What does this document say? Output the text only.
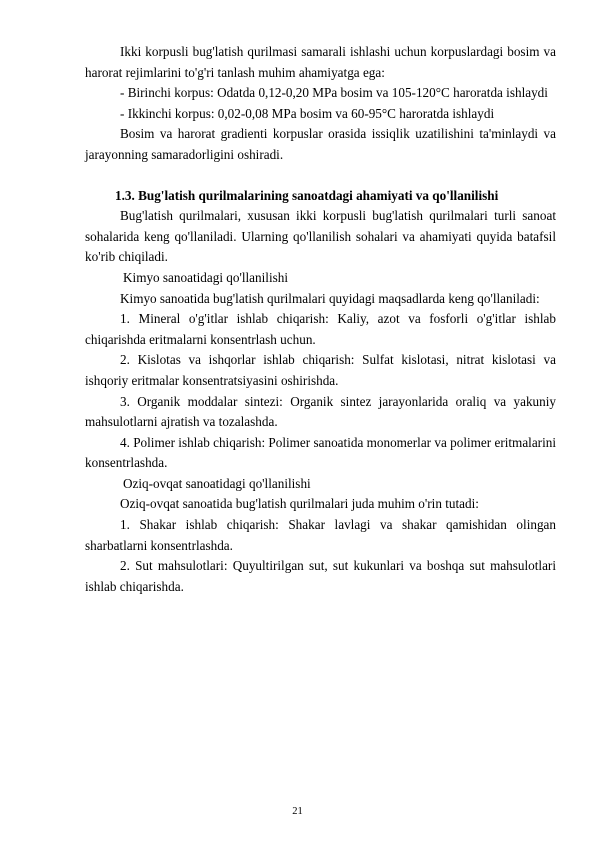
Ikki korpusli bug'latish qurilmasi samarali ishlashi uchun korpuslardagi bosim va harorat rejimlarini to'g'ri tanlash muhim ahamiyatga ega:

- Birinchi korpus: Odatda 0,12-0,20 MPa bosim va 105-120°C haroratda ishlaydi

- Ikkinchi korpus: 0,02-0,08 MPa bosim va 60-95°C haroratda ishlaydi

Bosim va harorat gradienti korpuslar orasida issiqlik uzatilishini ta'minlaydi va jarayonning samaradorligini oshiradi.

1.3. Bug'latish qurilmalarining sanoatdagi ahamiyati va qo'llanilishi

Bug'latish qurilmalari, xususan ikki korpusli bug'latish qurilmalari turli sanoat sohalarida keng qo'llaniladi. Ularning qo'llanilish sohalari va ahamiyati quyida batafsil ko'rib chiqiladi.

Kimyo sanoatidagi qo'llanilishi

Kimyo sanoatida bug'latish qurilmalari quyidagi maqsadlarda keng qo'llaniladi:

1. Mineral o'g'itlar ishlab chiqarish: Kaliy, azot va fosforli o'g'itlar ishlab chiqarishda eritmalarni konsentrlash uchun.

2. Kislotas va ishqorlar ishlab chiqarish: Sulfat kislotasi, nitrat kislotasi va ishqoriy eritmalar konsentratsiyasini oshirishda.

3. Organik moddalar sintezi: Organik sintez jarayonlarida oraliq va yakuniy mahsulotlarni ajratish va tozalashda.

4. Polimer ishlab chiqarish: Polimer sanoatida monomerlar va polimer eritmalarini konsentrlashda.

Oziq-ovqat sanoatidagi qo'llanilishi

Oziq-ovqat sanoatida bug'latish qurilmalari juda muhim o'rin tutadi:

1. Shakar ishlab chiqarish: Shakar lavlagi va shakar qamishidan olingan sharbatlarni konsentrlashda.

2. Sut mahsulotlari: Quyultirilgan sut, sut kukunlari va boshqa sut mahsulotlari ishlab chiqarishda.

21
